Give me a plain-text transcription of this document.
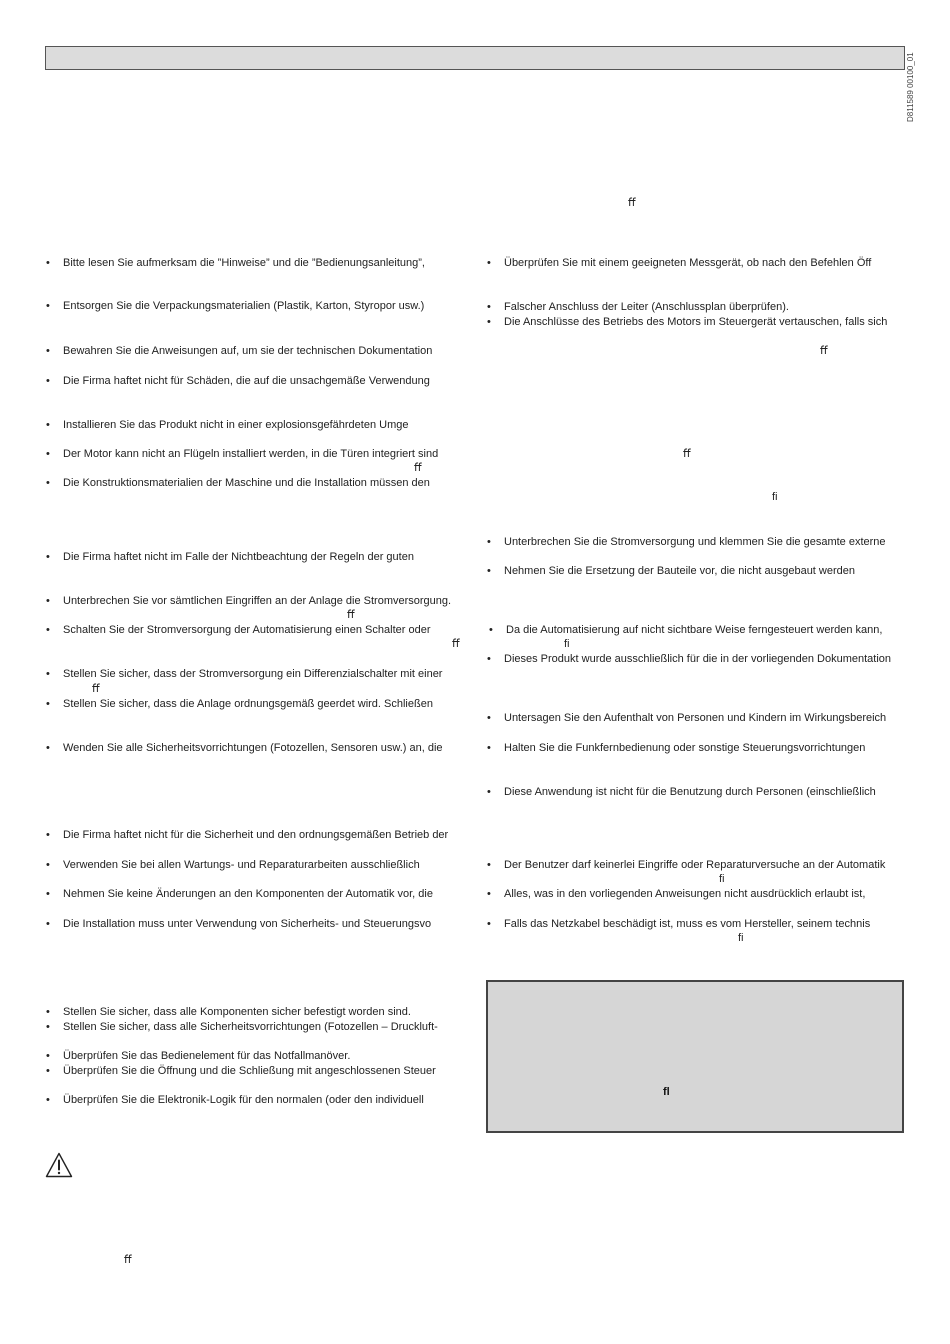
D811589 00100_01
• Bitte lesen Sie aufmerksam die ”Hinweise” und die ”Bedienungsanleitung”,
• Entsorgen Sie die Verpackungsmaterialien (Plastik, Karton, Styropor usw.)
• Bewahren Sie die Anweisungen auf, um sie der technischen Dokumentation
• Die Firma haftet nicht für Schäden, die auf die unsachgemäße Verwendung
• Installieren Sie das Produkt nicht in einer explosionsgefährdeten Umge
• Der Motor kann nicht an Flügeln installiert werden, in die Türen integriert sind
• Die Konstruktionsmaterialien der Maschine und die Installation müssen den
• Die Firma haftet nicht im Falle der Nichtbeachtung der Regeln der guten
• Unterbrechen Sie vor sämtlichen Eingriffen an der Anlage die Stromversorgung.
• Schalten Sie der Stromversorgung der Automatisierung einen Schalter oder
• Stellen Sie sicher, dass der Stromversorgung ein Differenzialschalter mit einer
• Stellen Sie sicher, dass die Anlage ordnungsgemäß geerdet wird. Schließen
• Wenden Sie alle Sicherheitsvorrichtungen (Fotozellen, Sensoren usw.) an, die
• Die Firma haftet nicht für die Sicherheit und den ordnungsgemäßen Betrieb der
• Verwenden Sie bei allen Wartungs- und Reparaturarbeiten ausschließlich
• Nehmen Sie keine Änderungen an den Komponenten der Automatik vor, die
• Die Installation muss unter Verwendung von Sicherheits- und Steuerungsvo
• Stellen Sie sicher, dass alle Komponenten sicher befestigt worden sind.
• Stellen Sie sicher, dass alle Sicherheitsvorrichtungen (Fotozellen – Druckluft-
• Überprüfen Sie das Bedienelement für das Notfallmanöver.
• Überprüfen Sie die Öffnung und die Schließung mit angeschlossenen Steuer
• Überprüfen Sie die Elektronik-Logik für den normalen (oder den individuell
• Überprüfen Sie mit einem geeigneten Messgerät, ob nach den Befehlen Öff
• Falscher Anschluss der Leiter (Anschlussplan überprüfen).
• Die Anschlüsse des Betriebs des Motors im Steuergerät vertauschen, falls sich
• Unterbrechen Sie die Stromversorgung und klemmen Sie die gesamte externe
• Nehmen Sie die Ersetzung der Bauteile vor, die nicht ausgebaut werden
• Da die Automatisierung auf nicht sichtbare Weise ferngesteuert werden kann,
• Dieses Produkt wurde ausschließlich für die in der vorliegenden Dokumentation
• Untersagen Sie den Aufenthalt von Personen und Kindern im Wirkungsbereich
• Halten Sie die Funkfernbedienung oder sonstige Steuerungsvorrichtungen
• Diese Anwendung ist nicht für die Benutzung durch Personen (einschließlich
• Der Benutzer darf keinerlei Eingriffe oder Reparaturversuche an der Automatik
• Alles, was in den vorliegenden Anweisungen nicht ausdrücklich erlaubt ist,
• Falls das Netzkabel beschädigt ist, muss es vom Hersteller, seinem technis
ﬀ
ﬀ
ﬀ
ﬁ
ﬀ
ﬀ
ﬀ	ﬁ
ﬀ
ﬁ
ﬁ
ﬀ
ﬂ
